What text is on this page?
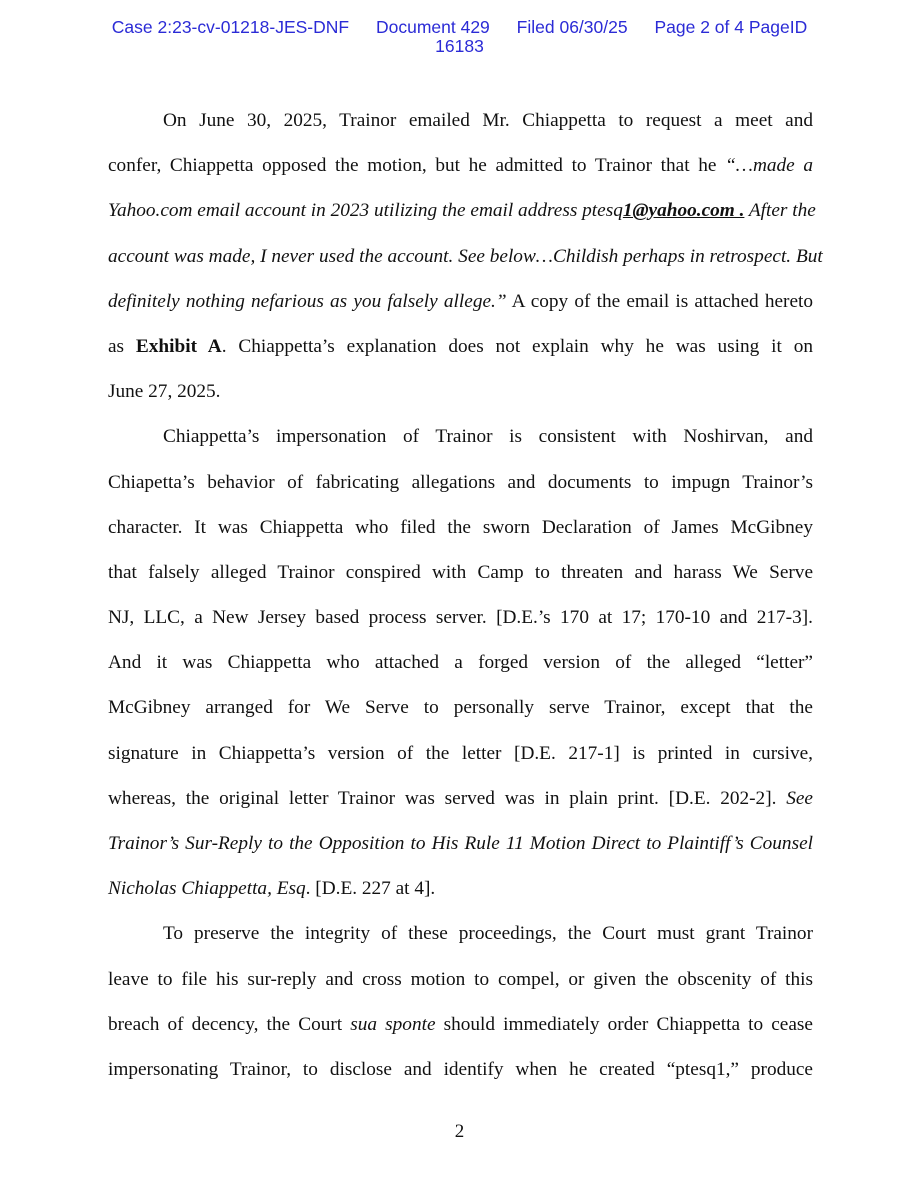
Case 2:23-cv-01218-JES-DNF Document 429 Filed 06/30/25 Page 2 of 4 PageID
16183
On June 30, 2025, Trainor emailed Mr. Chiappetta to request a meet and
confer, Chiappetta opposed the motion, but he admitted to Trainor that he “…made a
Yahoo.com email account in 2023 utilizing the email address ptesq1@yahoo.com . After the
account was made, I never used the account. See below…Childish perhaps in retrospect. But
definitely nothing nefarious as you falsely allege.” A copy of the email is attached hereto
as Exhibit A. Chiappetta’s explanation does not explain why he was using it on
June 27, 2025.
Chiappetta’s impersonation of Trainor is consistent with Noshirvan, and
Chiapetta’s behavior of fabricating allegations and documents to impugn Trainor’s
character. It was Chiappetta who filed the sworn Declaration of James McGibney
that falsely alleged Trainor conspired with Camp to threaten and harass We Serve
NJ, LLC, a New Jersey based process server. [D.E.’s 170 at 17; 170-10 and 217-3].
And it was Chiappetta who attached a forged version of the alleged “letter”
McGibney arranged for We Serve to personally serve Trainor, except that the
signature in Chiappetta’s version of the letter [D.E. 217-1] is printed in cursive,
whereas, the original letter Trainor was served was in plain print. [D.E. 202-2]. See
Trainor’s Sur-Reply to the Opposition to His Rule 11 Motion Direct to Plaintiff’s Counsel
Nicholas Chiappetta, Esq. [D.E. 227 at 4].
To preserve the integrity of these proceedings, the Court must grant Trainor
leave to file his sur-reply and cross motion to compel, or given the obscenity of this
breach of decency, the Court sua sponte should immediately order Chiappetta to cease
impersonating Trainor, to disclose and identify when he created “ptesq1,” produce
2
